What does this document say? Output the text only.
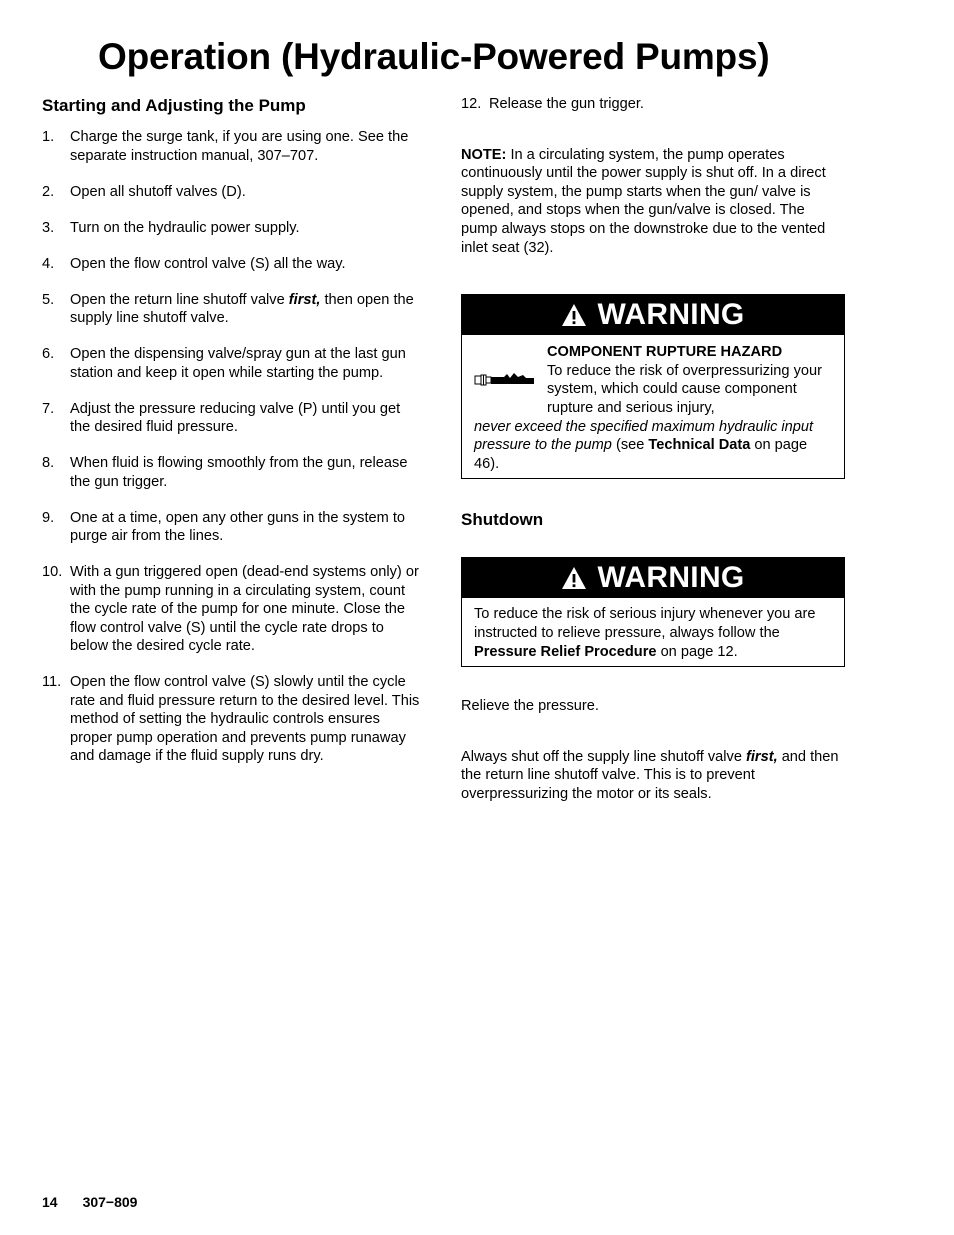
Operation (Hydraulic-Powered Pumps)
Starting and Adjusting the Pump
1. Charge the surge tank, if you are using one. See the separate instruction manual, 307–707.
2. Open all shutoff valves (D).
3. Turn on the hydraulic power supply.
4. Open the flow control valve (S) all the way.
5. Open the return line shutoff valve first, then open the supply line shutoff valve.
6. Open the dispensing valve/spray gun at the last gun station and keep it open while starting the pump.
7. Adjust the pressure reducing valve (P) until you get the desired fluid pressure.
8. When fluid is flowing smoothly from the gun, release the gun trigger.
9. One at a time, open any other guns in the system to purge air from the lines.
10. With a gun triggered open (dead-end systems only) or with the pump running in a circulating system, count the cycle rate of the pump for one minute. Close the flow control valve (S) until the cycle rate drops to below the desired cycle rate.
11. Open the flow control valve (S) slowly until the cycle rate and fluid pressure return to the desired level. This method of setting the hydraulic controls ensures proper pump operation and prevents pump runaway and damage if the fluid supply runs dry.
12. Release the gun trigger.
NOTE: In a circulating system, the pump operates continuously until the power supply is shut off. In a direct supply system, the pump starts when the gun/ valve is opened, and stops when the gun/valve is closed. The pump always stops on the downstroke due to the vented inlet seat (32).
WARNING
COMPONENT RUPTURE HAZARD
To reduce the risk of overpressurizing your system, which could cause component rupture and serious injury,
never exceed the specified maximum hydraulic input pressure to the pump (see Technical Data on page 46).
Shutdown
WARNING
To reduce the risk of serious injury whenever you are instructed to relieve pressure, always follow the Pressure Relief Procedure on page 12.
Relieve the pressure.
Always shut off the supply line shutoff valve first, and then the return line shutoff valve. This is to prevent overpressurizing the motor or its seals.
14 307−809
